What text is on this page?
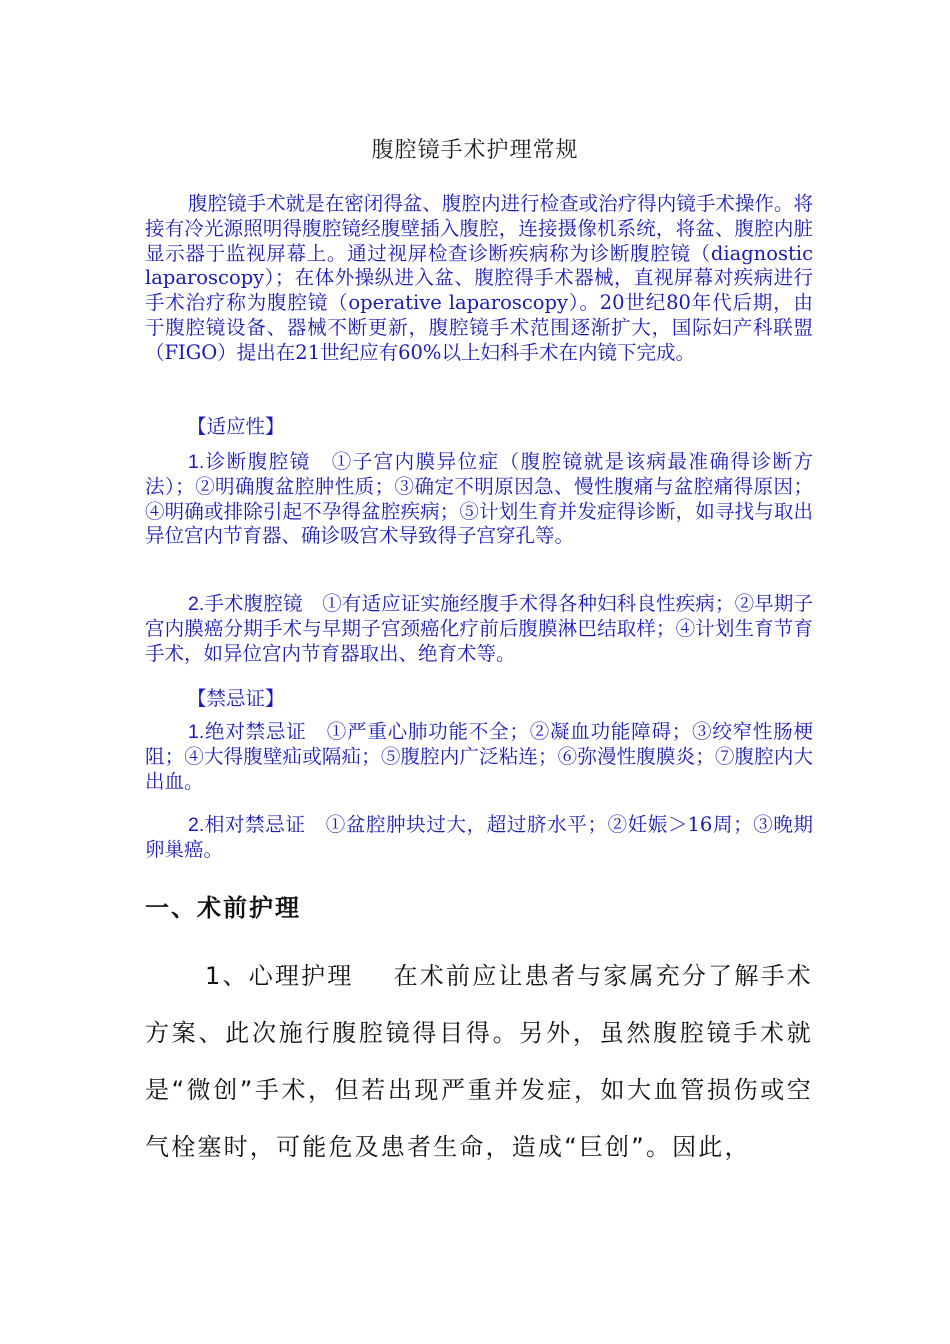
腹腔镜手术护理常规

腹腔镜手术就是在密闭得盆、腹腔内进行检查或治疗得内镜手术操作。将接有冷光源照明得腹腔镜经腹壁插入腹腔，连接摄像机系统，将盆、腹腔内脏显示器于监视屏幕上。通过视屏检查诊断疾病称为诊断腹腔镜（diagnostic laparoscopy）；在体外操纵进入盆、腹腔得手术器械，直视屏幕对疾病进行手术治疗称为腹腔镜（operative laparoscopy）。20世纪80年代后期，由于腹腔镜设备、器械不断更新，腹腔镜手术范围逐渐扩大，国际妇产科联盟（FIGO）提出在21世纪应有60%以上妇科手术在内镜下完成。

【适应性】

1.诊断腹腔镜　①子宫内膜异位症（腹腔镜就是该病最准确得诊断方法）；②明确腹盆腔肿性质；③确定不明原因急、慢性腹痛与盆腔痛得原因；④明确或排除引起不孕得盆腔疾病；⑤计划生育并发症得诊断，如寻找与取出异位宫内节育器、确诊吸宫术导致得子宫穿孔等。

2.手术腹腔镜　①有适应证实施经腹手术得各种妇科良性疾病；②早期子宫内膜癌分期手术与早期子宫颈癌化疗前后腹膜淋巴结取样；④计划生育节育手术，如异位宫内节育器取出、绝育术等。

【禁忌证】

1.绝对禁忌证　①严重心肺功能不全；②凝血功能障碍；③绞窄性肠梗阻；④大得腹壁疝或隔疝；⑤腹腔内广泛粘连；⑥弥漫性腹膜炎；⑦腹腔内大出血。

2.相对禁忌证　①盆腔肿块过大，超过脐水平；②妊娠＞16周；③晚期卵巢癌。

一、术前护理

1、心理护理 在术前应让患者与家属充分了解手术方案、此次施行腹腔镜得目得。另外，虽然腹腔镜手术就是“微创”手术，但若出现严重并发症，如大血管损伤或空气栓塞时，可能危及患者生命，造成“巨创”。因此，
